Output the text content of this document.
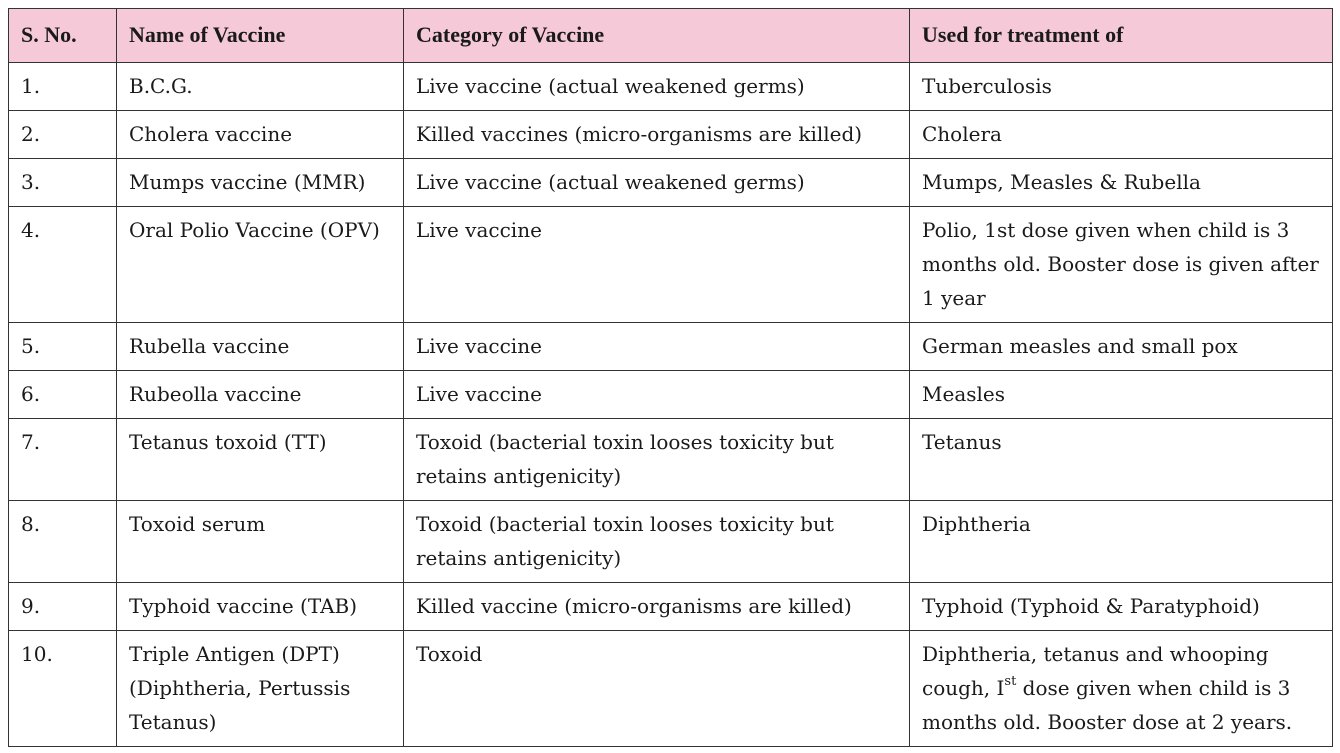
S. No.	Name of Vaccine	Category of Vaccine	Used for treatment of
1.	B.C.G.	Live vaccine (actual weakened germs)	Tuberculosis
2.	Cholera vaccine	Killed vaccines (micro-organisms are killed)	Cholera
3.	Mumps vaccine (MMR)	Live vaccine (actual weakened germs)	Mumps, Measles & Rubella
4.	Oral Polio Vaccine (OPV)	Live vaccine	Polio, 1st dose given when child is 3 months old. Booster dose is given after 1 year
5.	Rubella vaccine	Live vaccine	German measles and small pox
6.	Rubeolla vaccine	Live vaccine	Measles
7.	Tetanus toxoid (TT)	Toxoid (bacterial toxin looses toxicity but retains antigenicity)	Tetanus
8.	Toxoid serum	Toxoid (bacterial toxin looses toxicity but retains antigenicity)	Diphtheria
9.	Typhoid vaccine (TAB)	Killed vaccine (micro-organisms are killed)	Typhoid (Typhoid & Paratyphoid)
10.	Triple Antigen (DPT) (Diphtheria, Pertussis Tetanus)	Toxoid	Diphtheria, tetanus and whooping cough, Ist dose given when child is 3 months old. Booster dose at 2 years.
